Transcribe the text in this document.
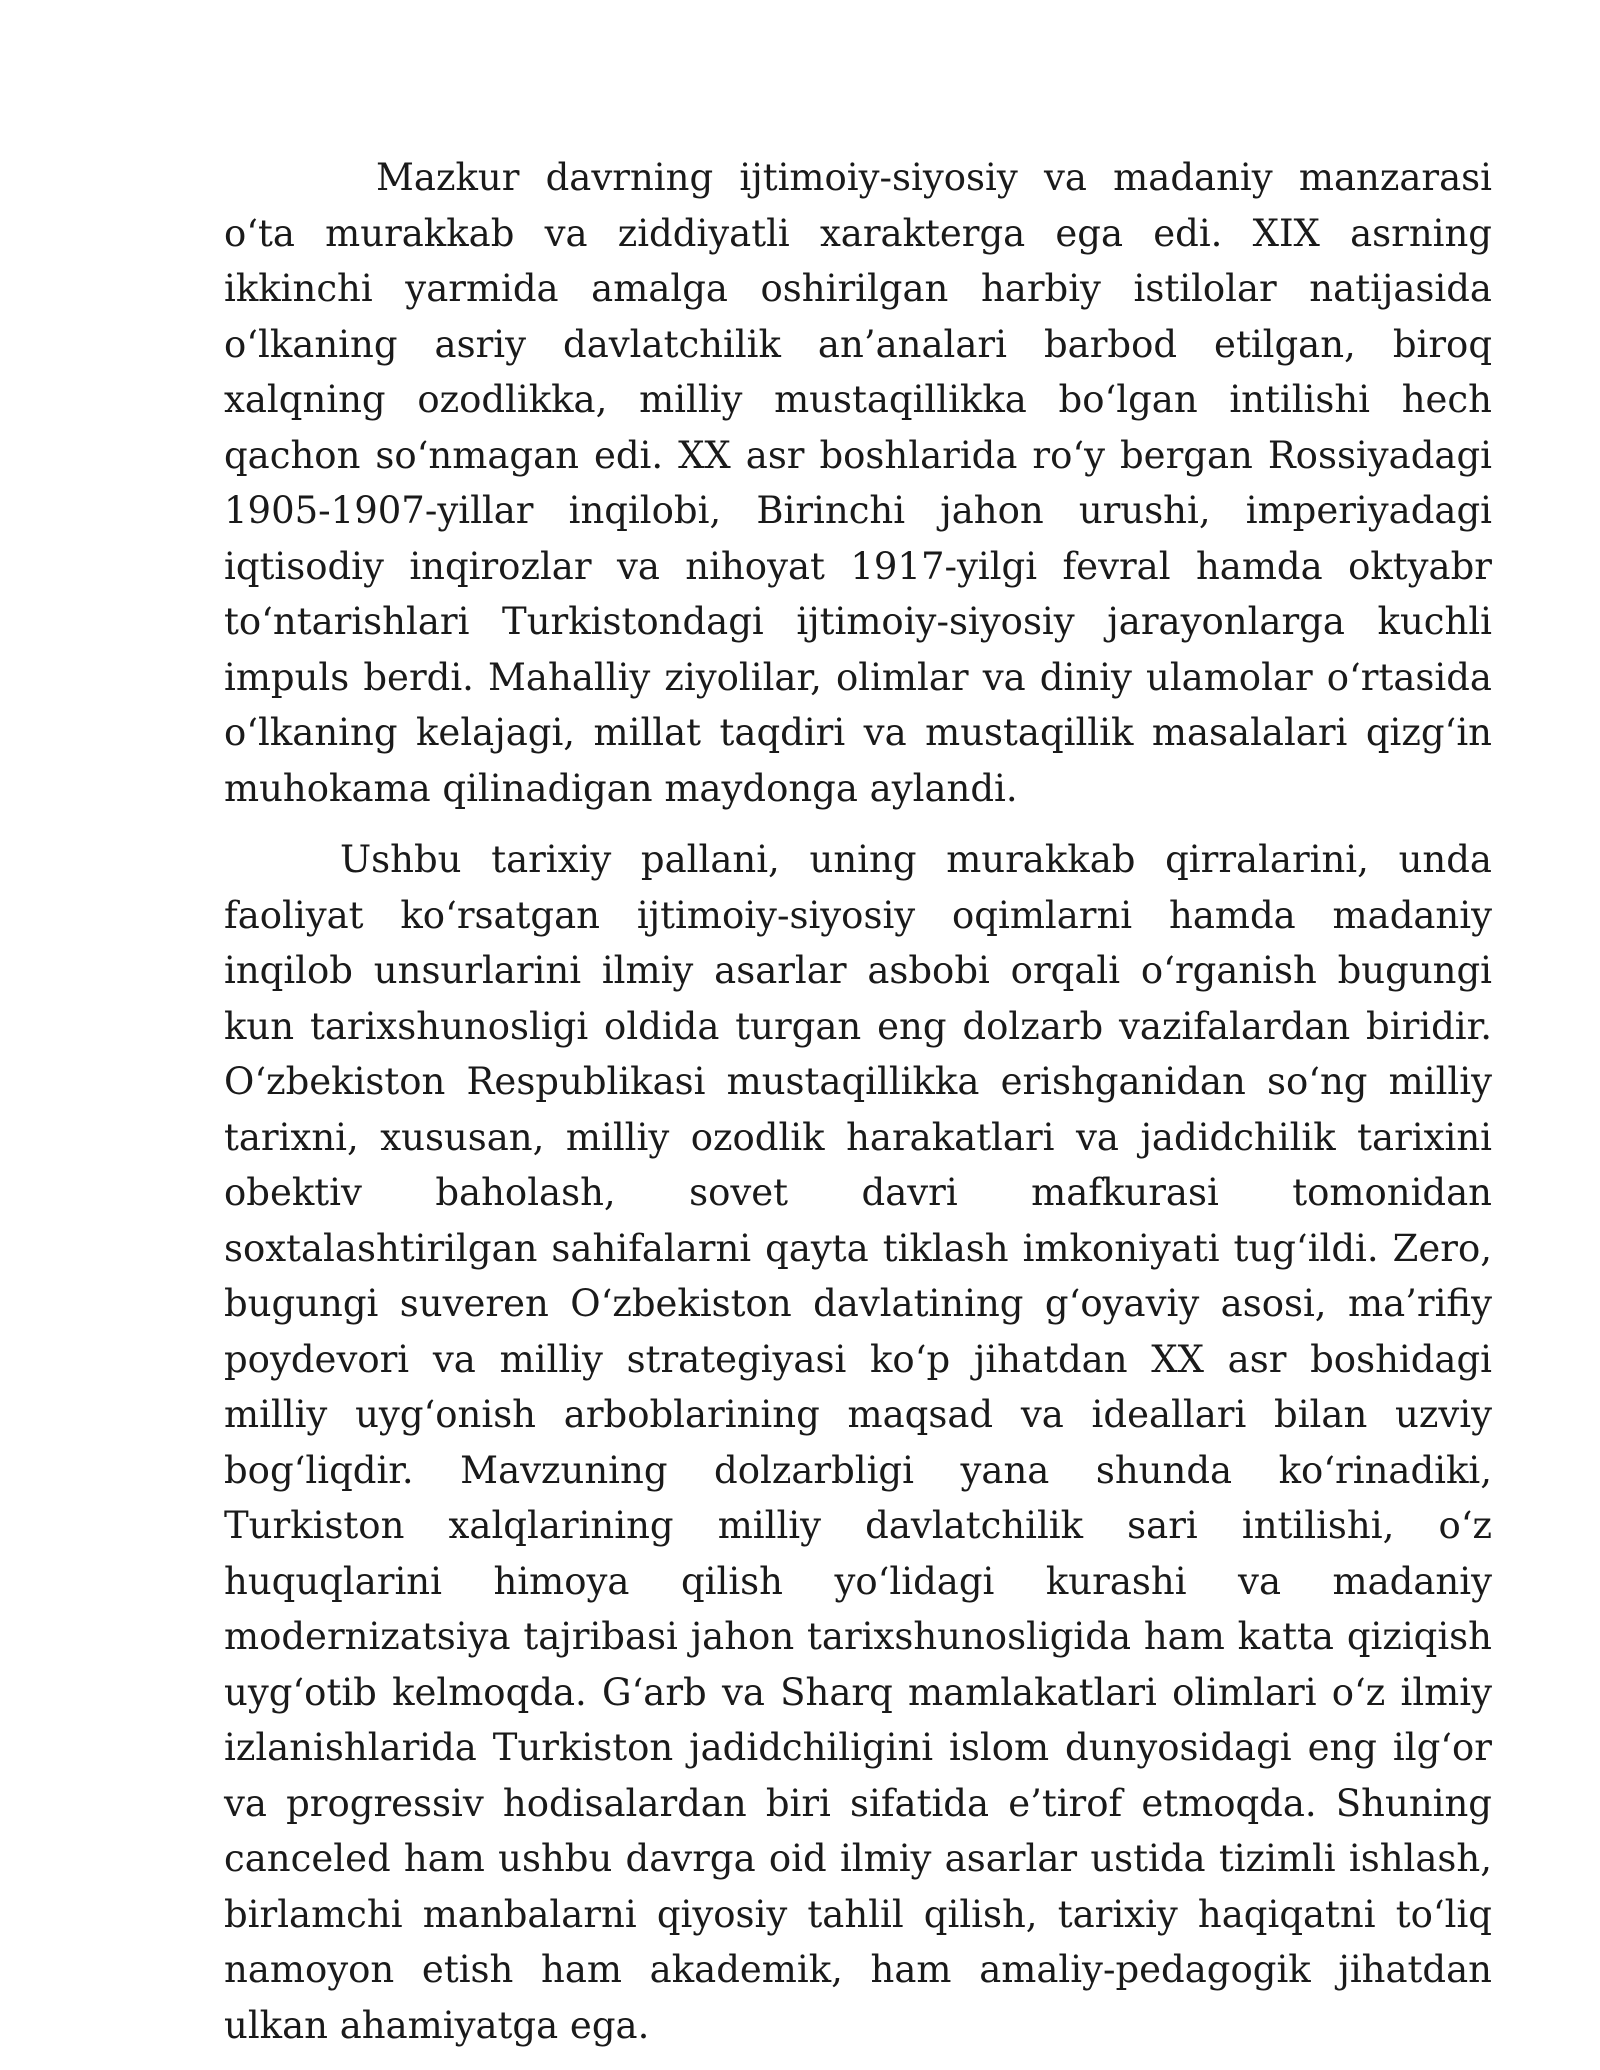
Mazkur davrning ijtimoiy-siyosiy va madaniy manzarasi o‘ta murakkab va ziddiyatli xarakterga ega edi. XIX asrning ikkinchi yarmida amalga oshirilgan harbiy istilolar natijasida o‘lkaning asriy davlatchilik an’analari barbod etilgan, biroq xalqning ozodlikka, milliy mustaqillikka bo‘lgan intilishi hech qachon so‘nmagan edi. XX asr boshlarida ro‘y bergan Rossiyadagi 1905-1907-yillar inqilobi, Birinchi jahon urushi, imperiyadagi iqtisodiy inqirozlar va nihoyat 1917-yilgi fevral hamda oktyabr to‘ntarishlari Turkistondagi ijtimoiy-siyosiy jarayonlarga kuchli impuls berdi. Mahalliy ziyolilar, olimlar va diniy ulamolar o‘rtasida o‘lkaning kelajagi, millat taqdiri va mustaqillik masalalari qizg‘in muhokama qilinadigan maydonga aylandi.

Ushbu tarixiy pallani, uning murakkab qirralarini, unda faoliyat ko‘rsatgan ijtimoiy-siyosiy oqimlarni hamda madaniy inqilob unsurlarini ilmiy asarlar asbobi orqali o‘rganish bugungi kun tarixshunosligi oldida turgan eng dolzarb vazifalardan biridir. O‘zbekiston Respublikasi mustaqillikka erishganidan so‘ng milliy tarixni, xususan, milliy ozodlik harakatlari va jadidchilik tarixini obektiv baholash, sovet davri mafkurasi tomonidan soxtalashtirilgan sahifalarni qayta tiklash imkoniyati tug‘ildi. Zero, bugungi suveren O‘zbekiston davlatining g‘oyaviy asosi, ma’rifiy poydevori va milliy strategiyasi ko‘p jihatdan XX asr boshidagi milliy uyg‘onish arboblarining maqsad va ideallari bilan uzviy bog‘liqdir. Mavzuning dolzarbligi yana shunda ko‘rinadiki, Turkiston xalqlarining milliy davlatchilik sari intilishi, o‘z huquqlarini himoya qilish yo‘lidagi kurashi va madaniy modernizatsiya tajribasi jahon tarixshunosligida ham katta qiziqish uyg‘otib kelmoqda. G‘arb va Sharq mamlakatlari olimlari o‘z ilmiy izlanishlarida Turkiston jadidchiligini islom dunyosidagi eng ilg‘or va progressiv hodisalardan biri sifatida e’tirof etmoqda. Shuning canceled ham ushbu davrga oid ilmiy asarlar ustida tizimli ishlash, birlamchi manbalarni qiyosiy tahlil qilish, tarixiy haqiqatni to‘liq namoyon etish ham akademik, ham amaliy-pedagogik jihatdan ulkan ahamiyatga ega.
